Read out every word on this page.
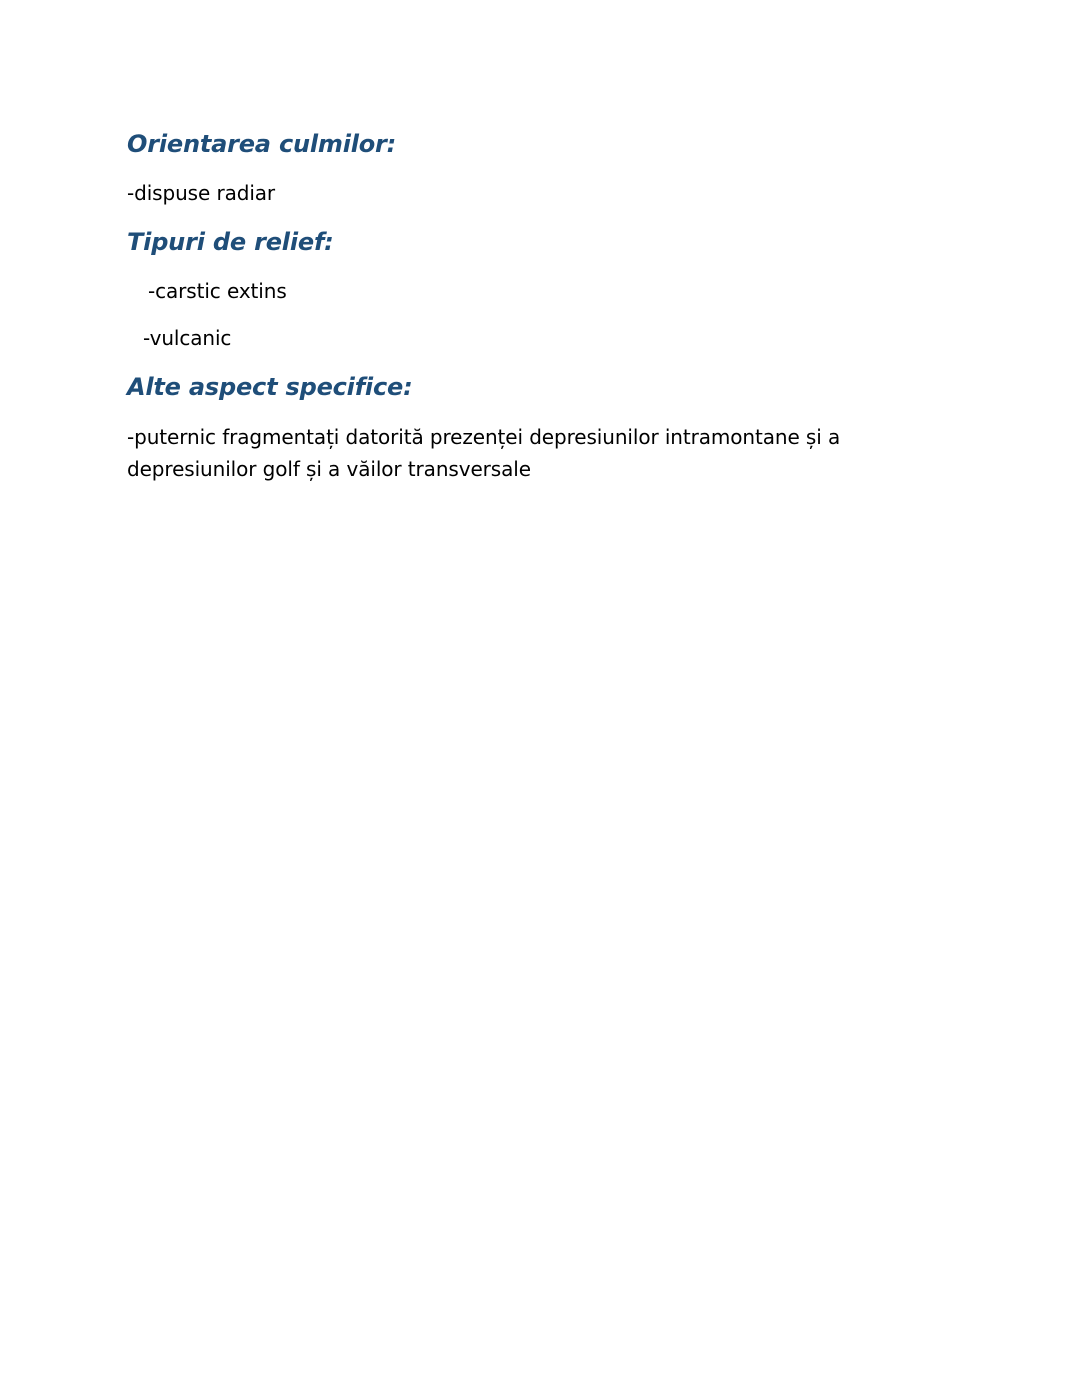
Orientarea culmilor:

-dispuse radiar

Tipuri de relief:

-carstic extins

-vulcanic

Alte aspect specifice:

-puternic fragmentați datorită prezenței depresiunilor intramontane și a

depresiunilor golf și a văilor transversale
